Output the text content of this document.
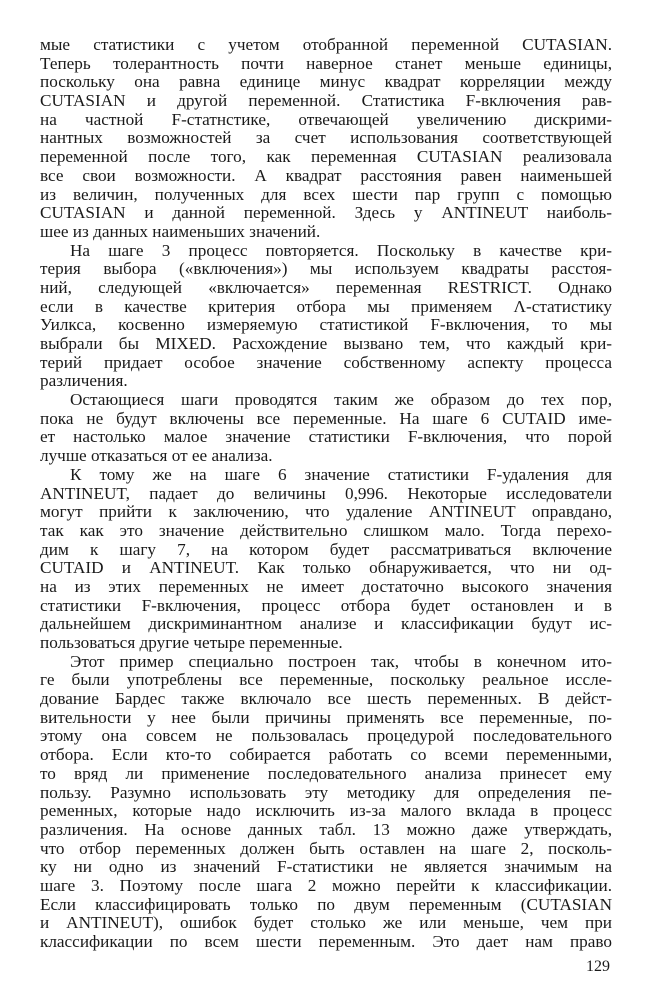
мые статистики с учетом отобранной переменной CUTASIAN.
Теперь толерантность почти наверное станет меньше единицы,
поскольку она равна единице минус квадрат корреляции между
CUTASIAN и другой переменной. Статистика F-включения рав-
на частной F-статнстике, отвечающей увеличению дискрими-
нантных возможностей за счет использования соответствующей
переменной после того, как переменная CUTASIAN реализовала
все свои возможности. А квадрат расстояния равен наименьшей
из величин, полученных для всех шести пар групп с помощью
CUTASIAN и данной переменной. Здесь у ANTINEUT наиболь-
шее из данных наименьших значений.
На шаге 3 процесс повторяется. Поскольку в качестве кри-
терия выбора («включения») мы используем квадраты расстоя-
ний, следующей «включается» переменная RESTRICT. Однако
если в качестве критерия отбора мы применяем Λ-статистику
Уилкса, косвенно измеряемую статистикой F-включения, то мы
выбрали бы MIXED. Расхождение вызвано тем, что каждый кри-
терий придает особое значение собственному аспекту процесса
различения.
Остающиеся шаги проводятся таким же образом до тех пор,
пока не будут включены все переменные. На шаге 6 CUTAID име-
ет настолько малое значение статистики F-включения, что порой
лучше отказаться от ее анализа.
К тому же на шаге 6 значение статистики F-удаления для
ANTINEUT, падает до величины 0,996. Некоторые исследователи
могут прийти к заключению, что удаление ANTINEUT оправдано,
так как это значение действительно слишком мало. Тогда перехо-
дим к шагу 7, на котором будет рассматриваться включение
CUTAID и ANTINEUT. Как только обнаруживается, что ни од-
на из этих переменных не имеет достаточно высокого значения
статистики F-включения, процесс отбора будет остановлен и в
дальнейшем дискриминантном анализе и классификации будут ис-
пользоваться другие четыре переменные.
Этот пример специально построен так, чтобы в конечном ито-
ге были употреблены все переменные, поскольку реальное иссле-
дование Бардес также включало все шесть переменных. В дейст-
вительности у нее были причины применять все переменные, по-
этому она совсем не пользовалась процедурой последовательного
отбора. Если кто-то собирается работать со всеми переменными,
то вряд ли применение последовательного анализа принесет ему
пользу. Разумно использовать эту методику для определения пе-
ременных, которые надо исключить из-за малого вклада в процесс
различения. На основе данных табл. 13 можно даже утверждать,
что отбор переменных должен быть оставлен на шаге 2, посколь-
ку ни одно из значений F-статистики не является значимым на
шаге 3. Поэтому после шага 2 можно перейти к классификации.
Если классифицировать только по двум переменным (CUTASIAN
и ANTINEUT), ошибок будет столько же или меньше, чем при
классификации по всем шести переменным. Это дает нам право
129
